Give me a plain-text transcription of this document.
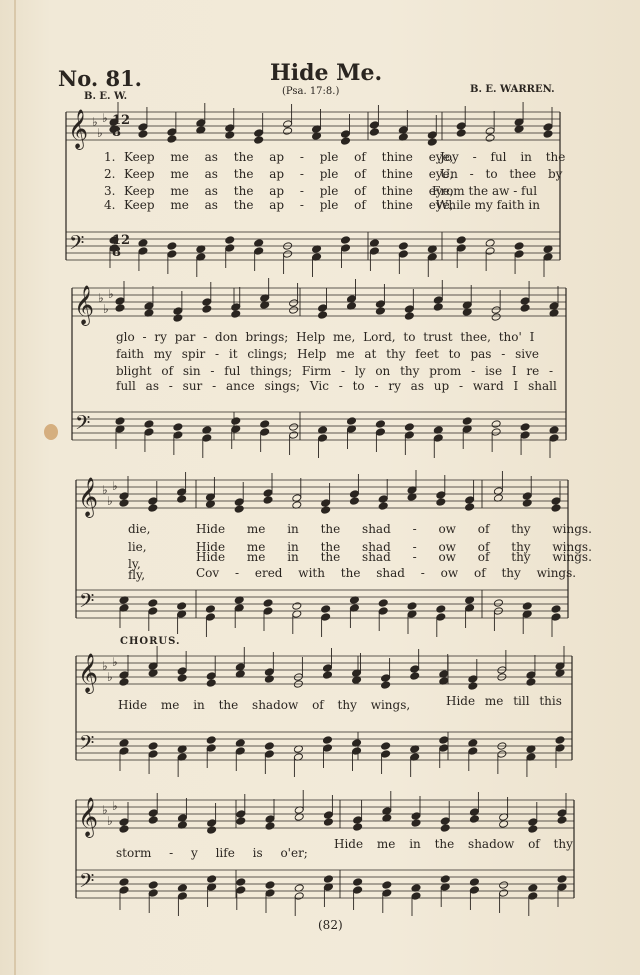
No. 81.	Hide Me.
(Psa. 17:8.)
B. E. W.
B. E. WARREN.
𝄞
𝄢
♭
♭
♭
𝄞
𝄢
♭
♭
♭
𝄞
𝄢
♭
♭
♭
𝄞
𝄢
♭
♭
♭
𝄞
𝄢
♭
♭
♭
12
12
8
8
1.
2.
3.
4.
Keep me as the ap - ple of thine eye,
Keep me as the ap - ple of thine eye,
Keep me as the ap - ple of thine eye,
Keep me as the ap - ple of thine eye,
Joy - ful in the
Un - to thee by
From the aw - ful
While my faith in
glo - ry par - don brings; Help me, Lord, to trust thee, tho' I
faith my spir - it clings; Help me at thy feet to pas - sive
blight of sin - ful things; Firm - ly on thy prom - ise I re -
full as - sur - ance sings; Vic - to - ry as up - ward I shall
die,
lie,
ly,
fly,
Hide me in the shad - ow of thy wings.
Hide me in the shad - ow of thy wings.
Hide me in the shad - ow of thy wings.
Cov - ered with the shad - ow of thy wings.
CHORUS.
Hide me in the shadow of thy wings,	Hide me till this
storm - y life is o'er;
Hide me in the shadow of thy
(82)
